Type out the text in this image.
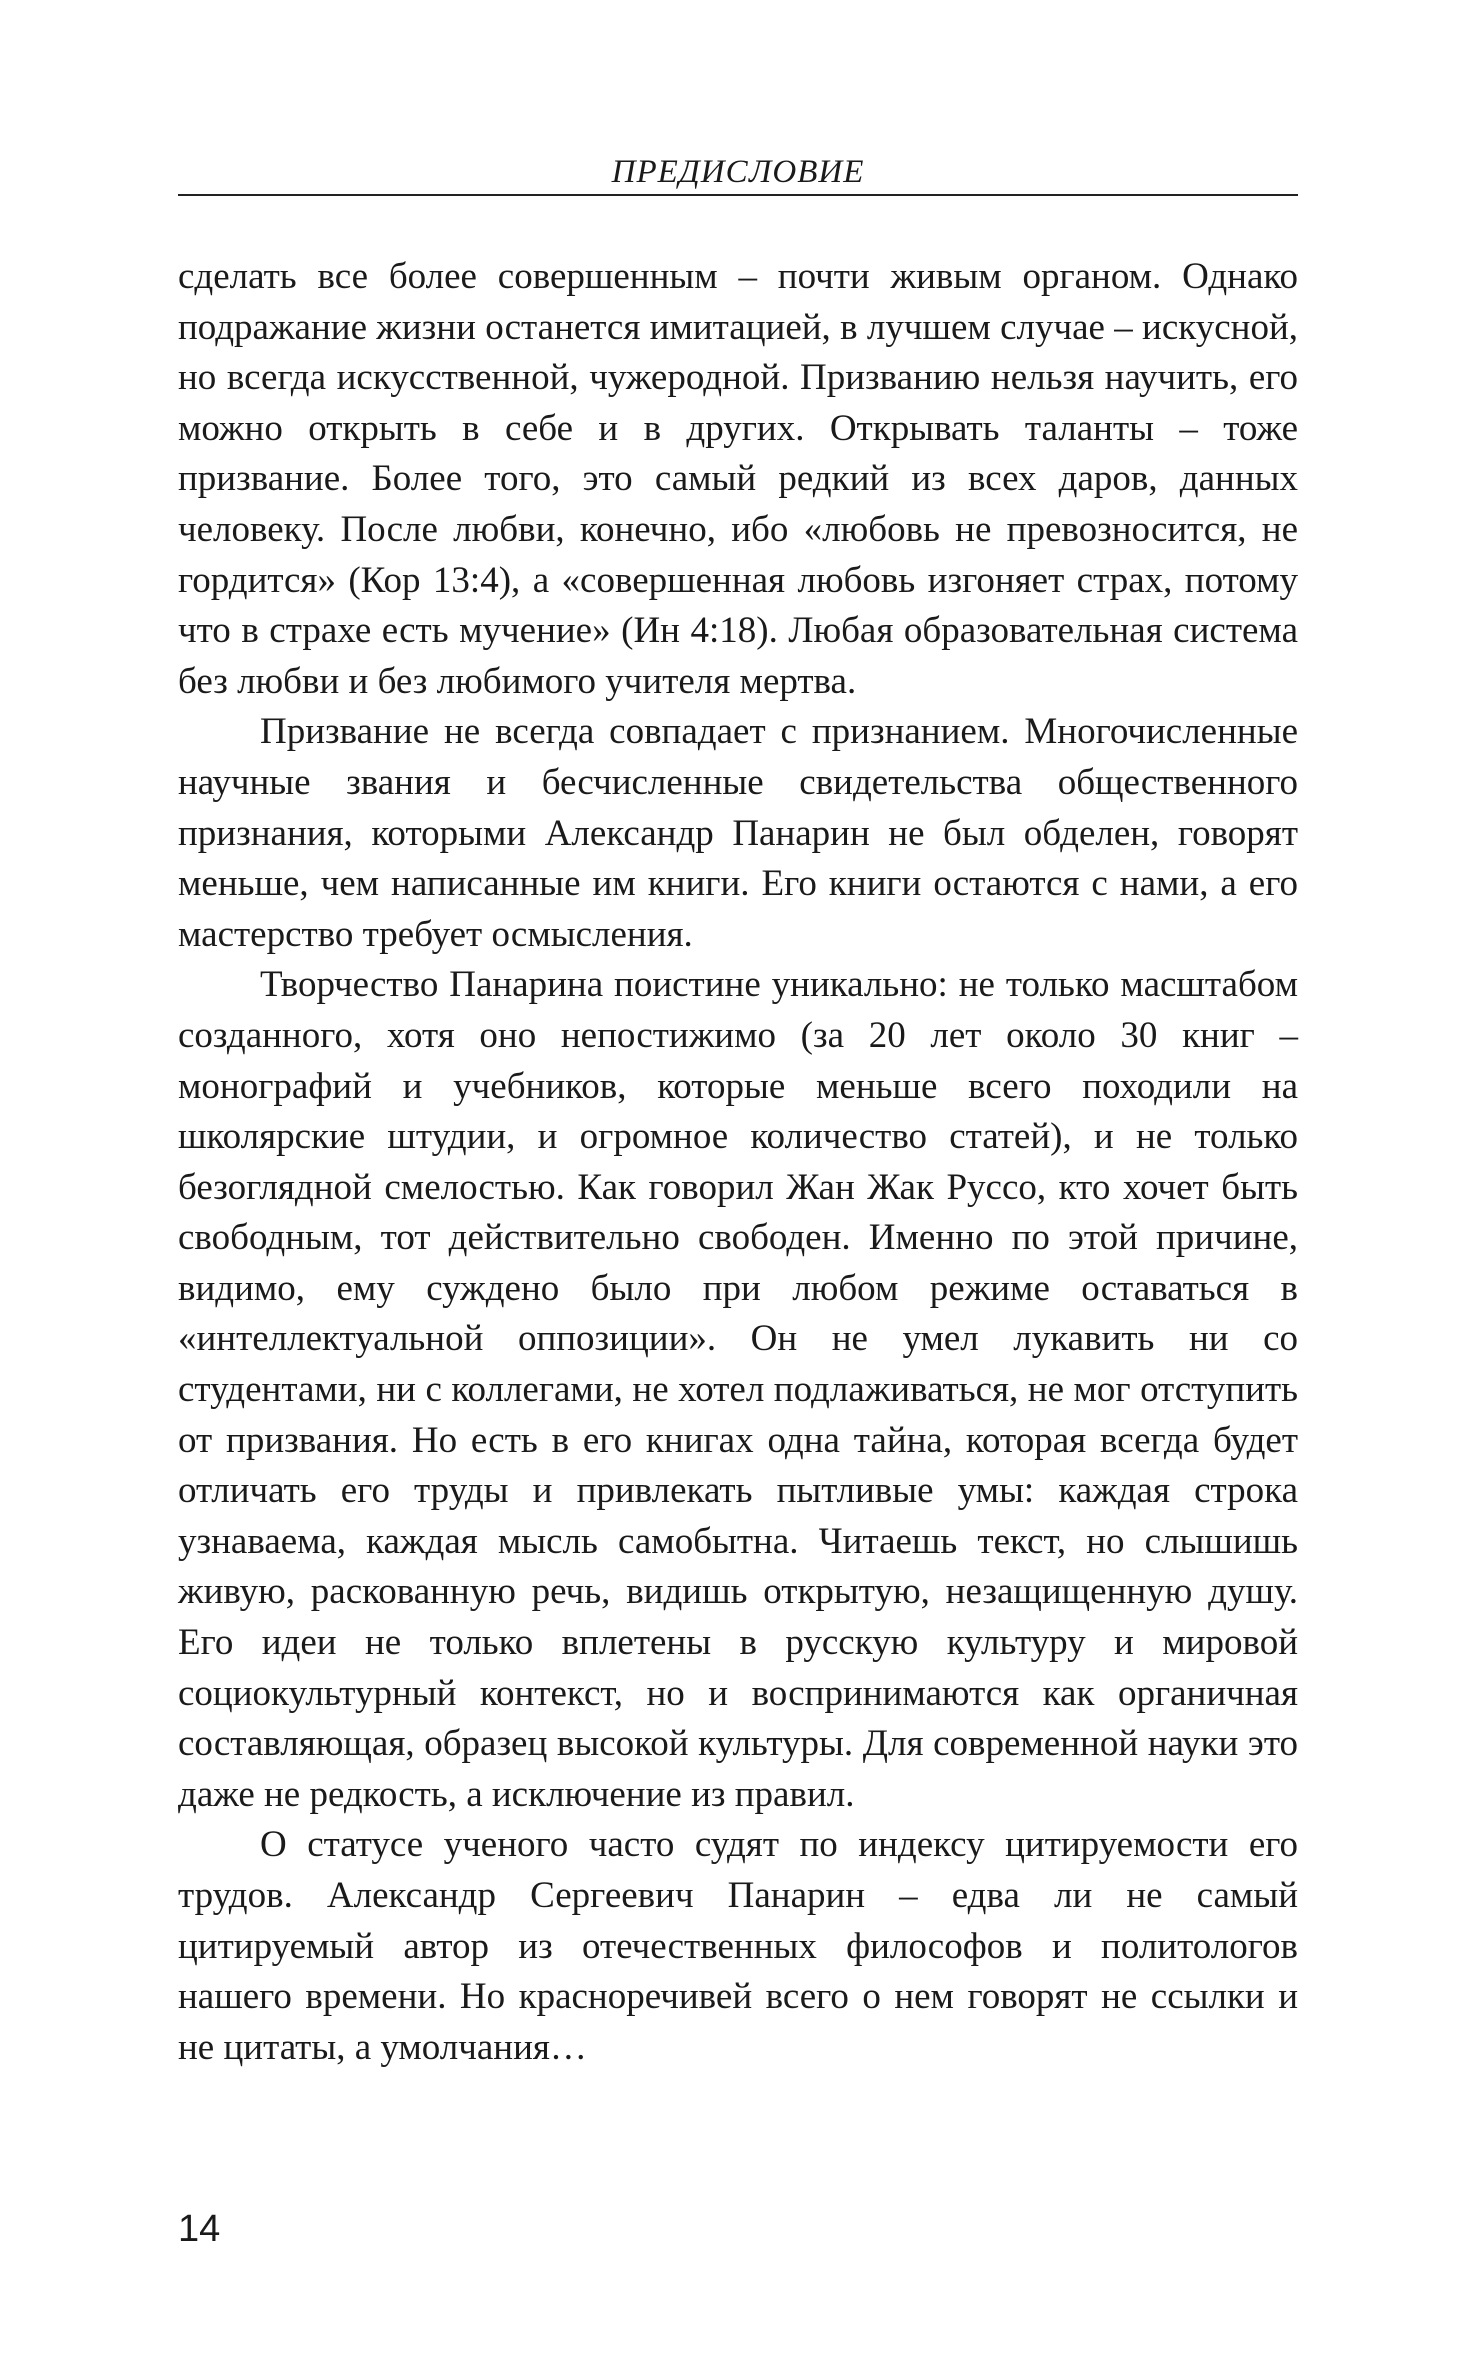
ПРЕДИСЛОВИЕ

сделать все более совершенным – почти живым органом. Однако подражание жизни останется имитацией, в лучшем случае – искусной, но всегда искусственной, чужеродной. Призванию нельзя научить, его можно открыть в себе и в других. Открывать таланты – тоже призвание. Более того, это самый редкий из всех даров, данных человеку. После любви, конечно, ибо «любовь не превозносится, не гордится» (Кор 13:4), а «совершенная любовь изгоняет страх, потому что в страхе есть мучение» (Ин 4:18). Любая образовательная система без любви и без любимого учителя мертва.

Призвание не всегда совпадает с признанием. Многочисленные научные звания и бесчисленные свидетельства общественного признания, которыми Александр Панарин не был обделен, говорят меньше, чем написанные им книги. Его книги остаются с нами, а его мастерство требует осмысления.

Творчество Панарина поистине уникально: не только масштабом созданного, хотя оно непостижимо (за 20 лет около 30 книг – монографий и учебников, которые меньше всего походили на школярские штудии, и огромное количество статей), и не только безоглядной смелостью. Как говорил Жан Жак Руссо, кто хочет быть свободным, тот действительно свободен. Именно по этой причине, видимо, ему суждено было при любом режиме оставаться в «интеллектуальной оппозиции». Он не умел лукавить ни со студентами, ни с коллегами, не хотел подлаживаться, не мог отступить от призвания. Но есть в его книгах одна тайна, которая всегда будет отличать его труды и привлекать пытливые умы: каждая строка узнаваема, каждая мысль самобытна. Читаешь текст, но слышишь живую, раскованную речь, видишь открытую, незащищенную душу. Его идеи не только вплетены в русскую культуру и мировой социокультурный контекст, но и воспринимаются как органичная составляющая, образец высокой культуры. Для современной науки это даже не редкость, а исключение из правил.

О статусе ученого часто судят по индексу цитируемости его трудов. Александр Сергеевич Панарин – едва ли не самый цитируемый автор из отечественных философов и политологов нашего времени. Но красноречивей всего о нем говорят не ссылки и не цитаты, а умолчания…

14
